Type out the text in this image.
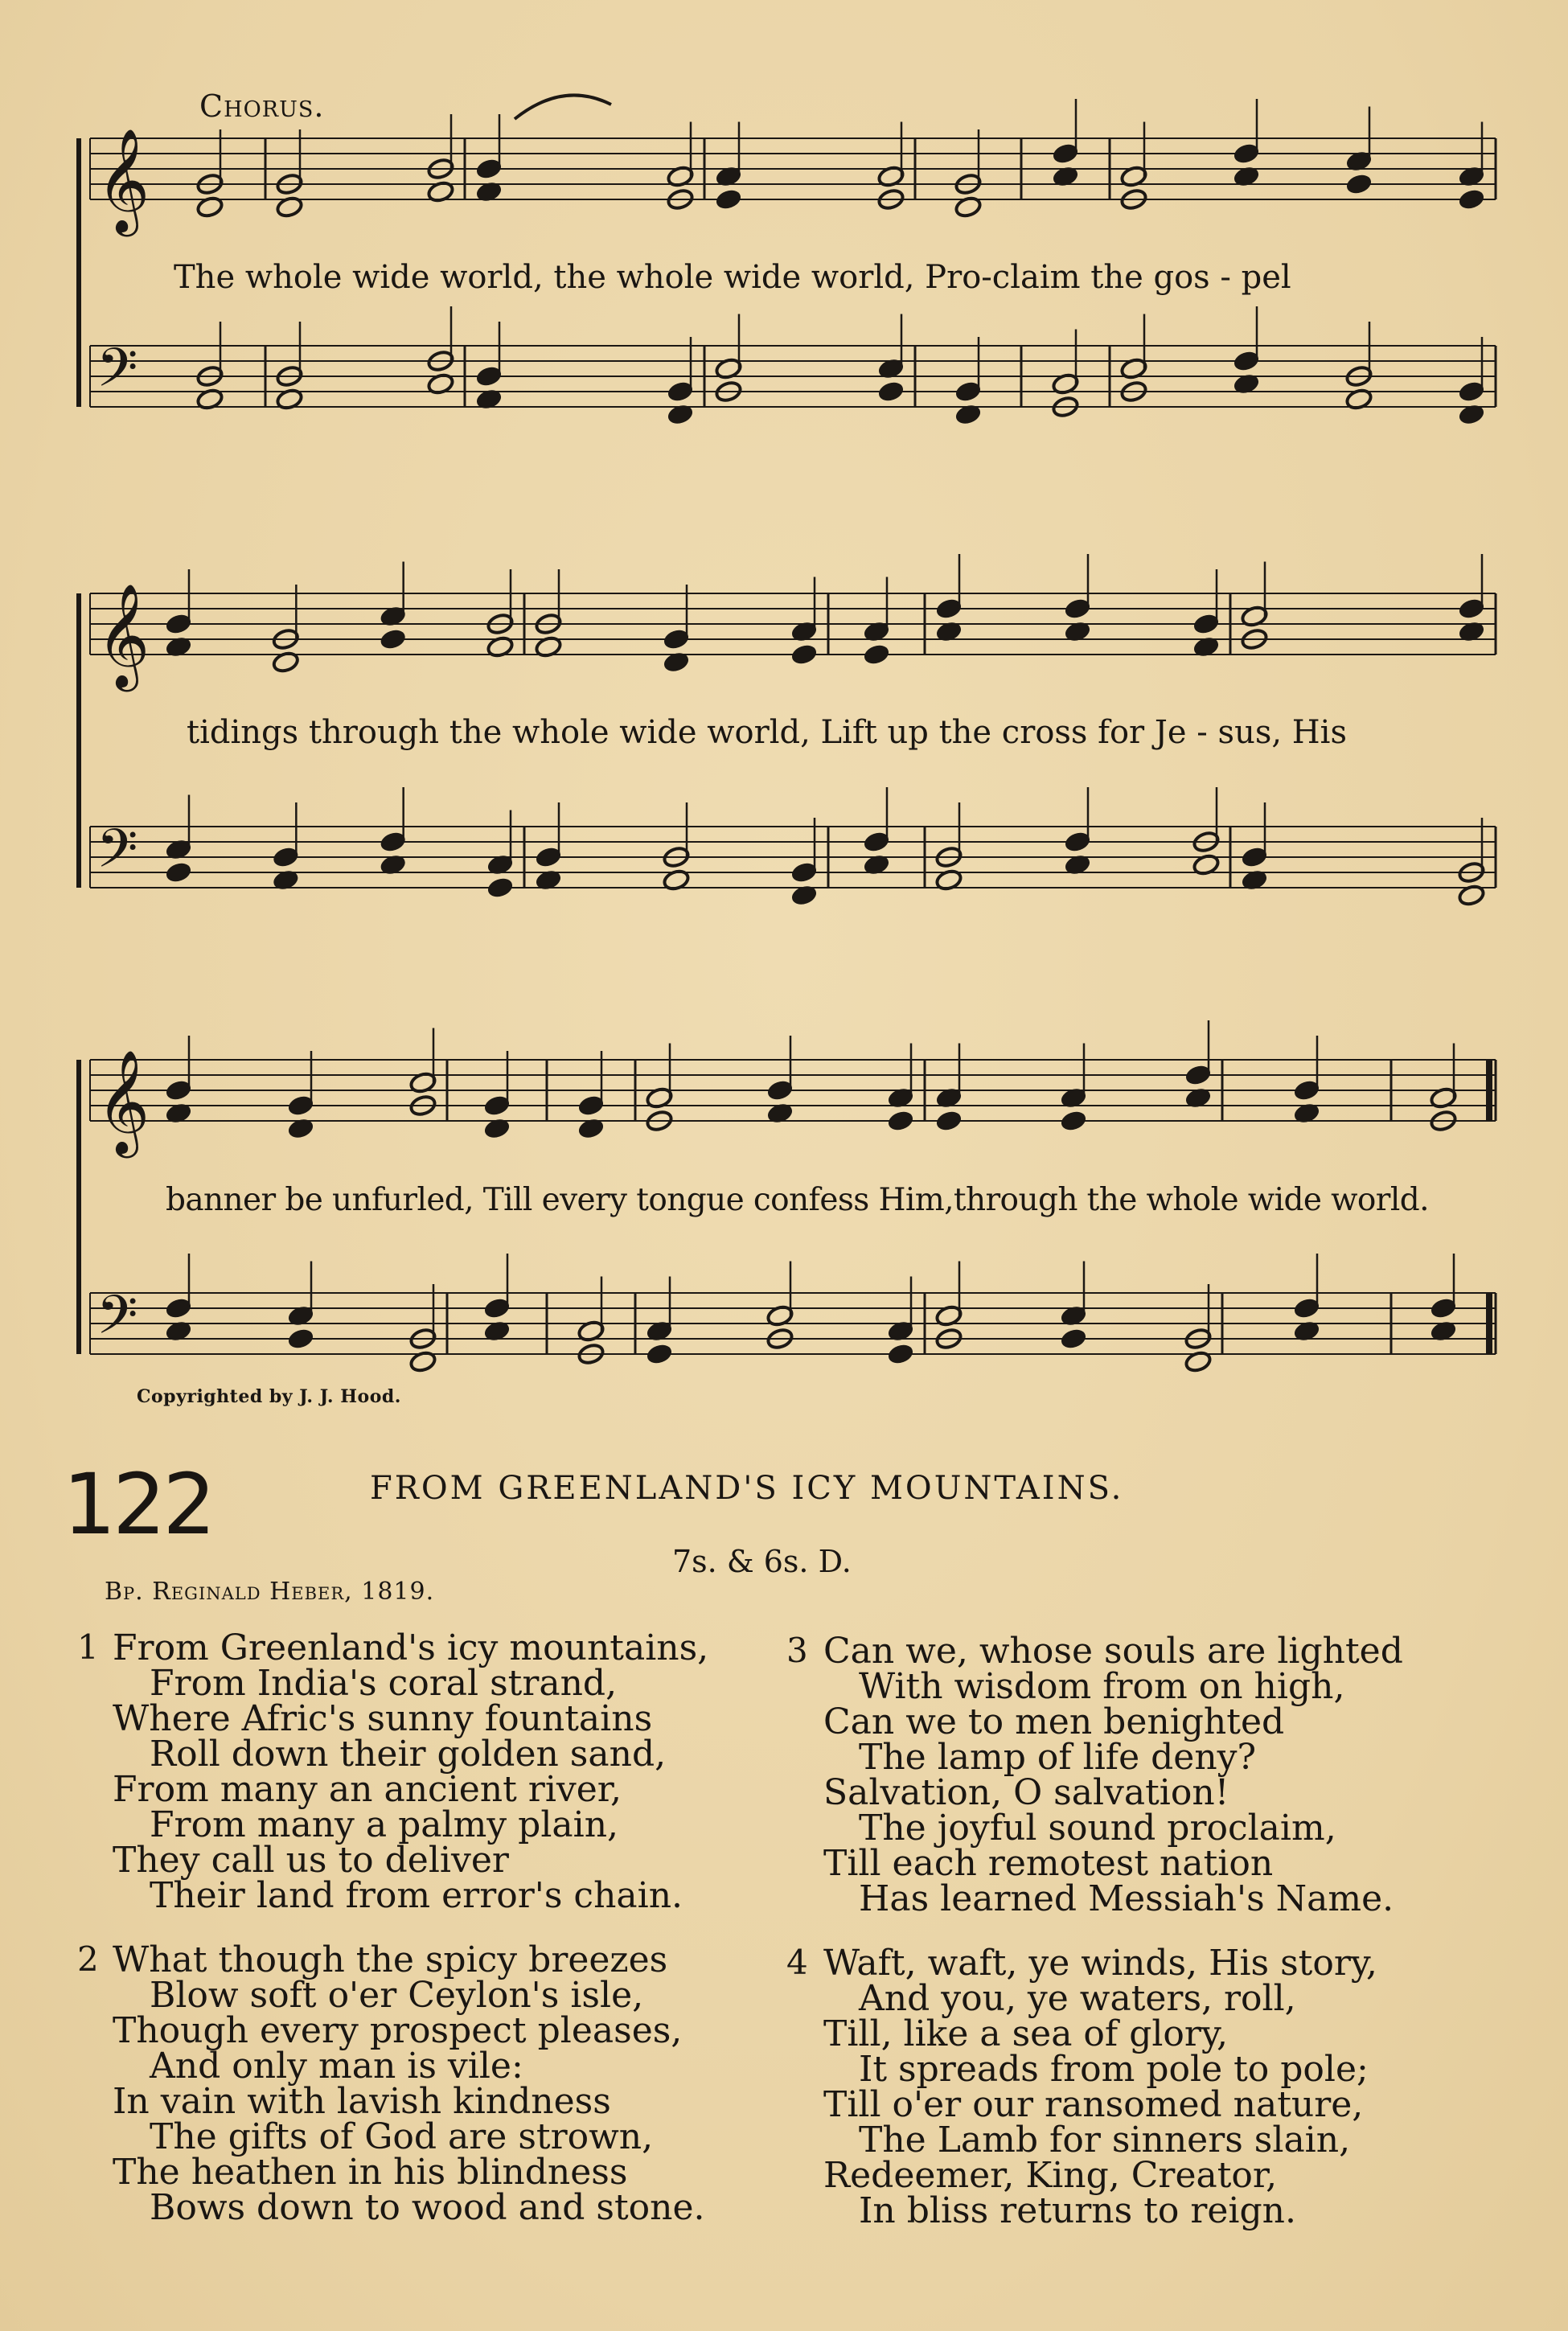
𝄞
𝄢
𝄞
𝄢
𝄞
𝄢
Chorus.
The whole wide world, the whole wide world, Pro-claim the gos - pel
tidings through the whole wide world, Lift up the cross for Je - sus, His
banner be unfurled, Till every tongue confess Him,through the whole wide world.
Copyrighted by J. J. Hood.
122	FROM GREENLAND'S ICY MOUNTAINS.
7s. & 6s. D.
Bp. Reginald Heber, 1819.
1 From Greenland's icy mountains,
From India's coral strand,
Where Afric's sunny fountains
Roll down their golden sand,
From many an ancient river,
From many a palmy plain,
They call us to deliver
Their land from error's chain.
2 What though the spicy breezes
Blow soft o'er Ceylon's isle,
Though every prospect pleases,
And only man is vile:
In vain with lavish kindness
The gifts of God are strown,
The heathen in his blindness
Bows down to wood and stone.
3 Can we, whose souls are lighted
With wisdom from on high,
Can we to men benighted
The lamp of life deny?
Salvation, O salvation!
The joyful sound proclaim,
Till each remotest nation
Has learned Messiah's Name.
4 Waft, waft, ye winds, His story,
And you, ye waters, roll,
Till, like a sea of glory,
It spreads from pole to pole;
Till o'er our ransomed nature,
The Lamb for sinners slain,
Redeemer, King, Creator,
In bliss returns to reign.
